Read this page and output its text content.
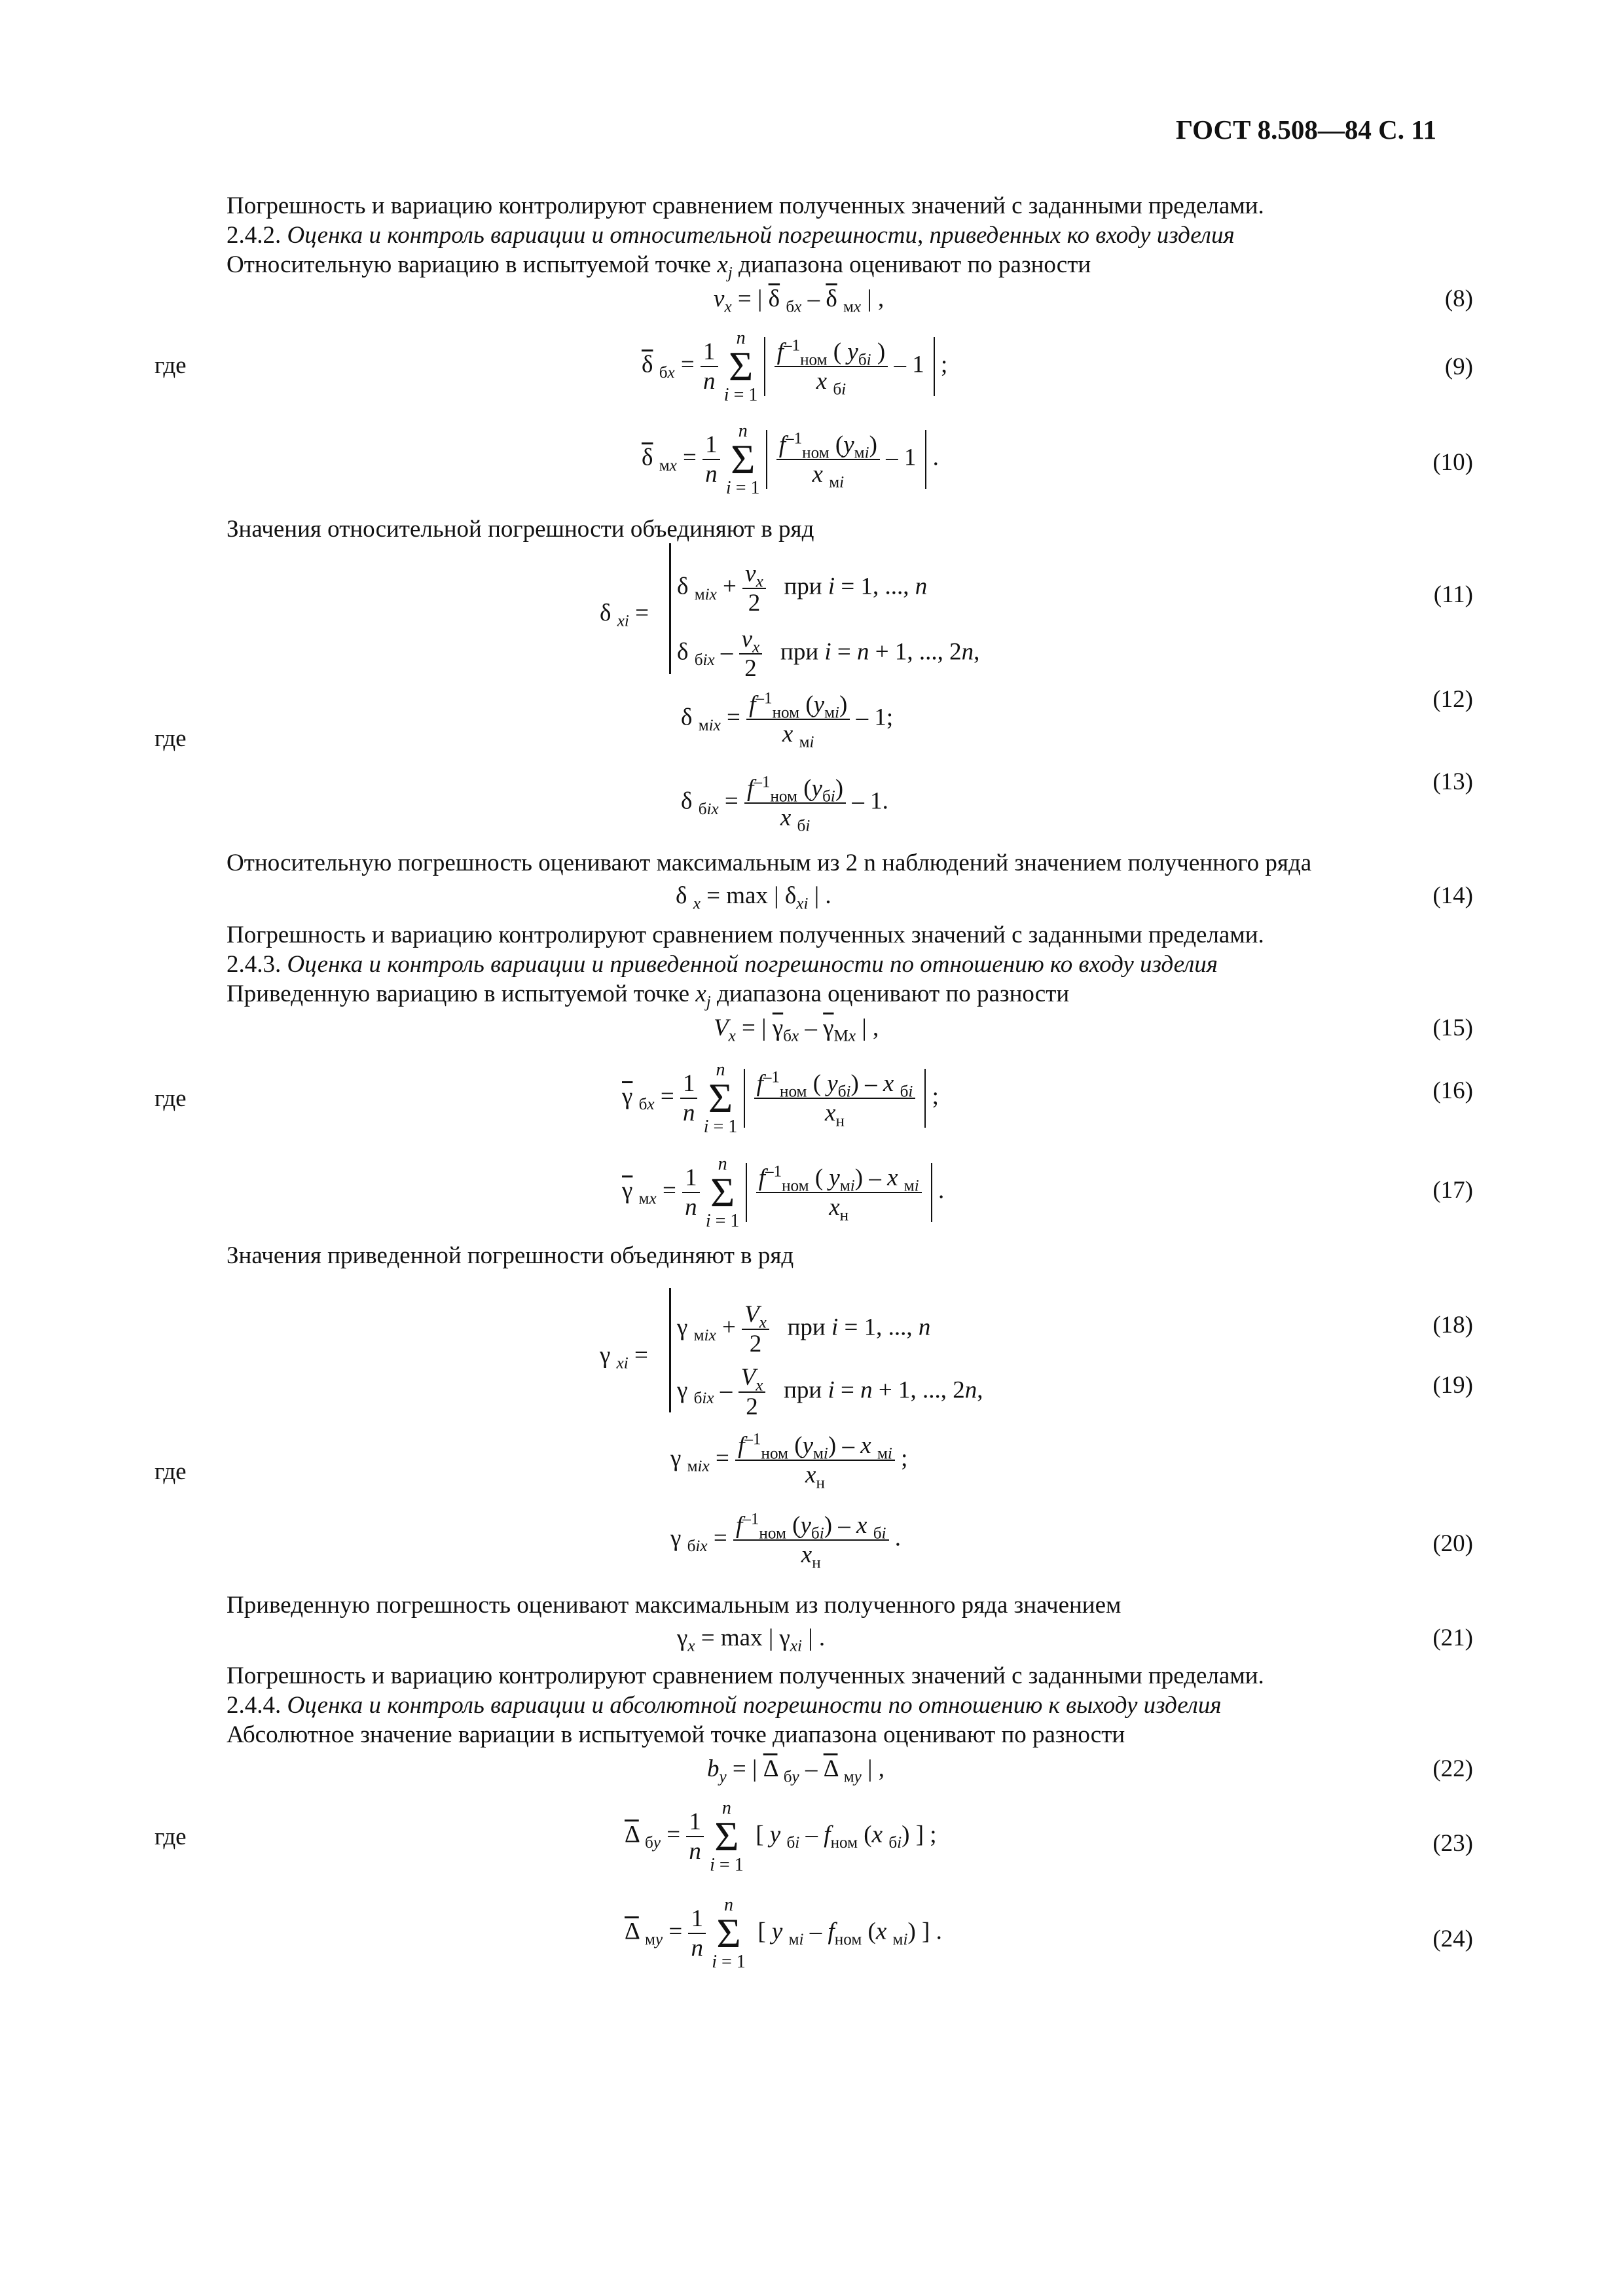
ГОСТ 8.508—84 С. 11
Погрешность и вариацию контролируют сравнением полученных значений с заданными пределами.
2.4.2. Оценка и контроль вариации и относительной погрешности, приведенных ко входу изделия
Относительную вариацию в испытуемой точке $x_j$ диапазона оценивают по разности
$v_x$ = | $\overline{\delta}$ $_{бx} - \overline{\delta}$ $_{мx}$ | ,	(8)
где	$\overline{\delta}$ $_{бx} = \frac{1}{n}$
n
Σ
i = 1
$\frac{f^{-1}_{ном} ( y_{бi} )}{x _{бi}} - 1$ ;	(9)
$\overline{\delta}$ $_{мx} = \frac{1}{n}$
n
Σ
i = 1
$\frac{f^{-1}_{ном} (y_{мi})}{x _{мi}} - 1$ .	(10)
Значения относительной погрешности объединяют в ряд
δ $_{xi}$ =
δ $_{мix} + \frac{v_x}{2}$ при i = 1, ..., n
δ $_{бix} - \frac{v_x}{2}$ при i = n + 1, ..., 2n,
(11)
где
δ $_{мix} = \frac{f^{-1}_{ном} (y_{мi})}{x _{мi}} - 1$;
(12)
δ $_{бix} = \frac{f^{-1}_{ном} (y_{бi})}{x _{бi}} - 1$.
(13)
Относительную погрешность оценивают максимальным из 2 n наблюдений значением полученного ряда
δ $_x$ = max | $\delta_{xi}$ | .	(14)
Погрешность и вариацию контролируют сравнением полученных значений с заданными пределами.
2.4.3. Оценка и контроль вариации и приведенной погрешности по отношению ко входу изделия
Приведенную вариацию в испытуемой точке $x_j$ диапазона оценивают по разности
$V_x$ = | $\overline{\gamma}_{бx} - \overline{\gamma}_{Мx}$ | ,	(15)
где	$\overline{\gamma}$ $_{бx} = \frac{1}{n}$
n
Σ
i = 1
$\frac{f^{-1}_{ном} ( y_{бi}) - x _{бi}}{x_н}$ ;	(16)
$\overline{\gamma}$ $_{мx} = \frac{1}{n}$
n
Σ
i = 1
$\frac{f^{-1}_{ном} ( y_{мi}) - x _{мi}}{x_н}$ .	(17)
Значения приведенной погрешности объединяют в ряд
γ $_{xi}$ =
γ $_{мix} + \frac{V_x}{2}$ при i = 1, ..., n	(18)
γ $_{бix} - \frac{V_x}{2}$ при i = n + 1, ..., 2n,	(19)
где
γ $_{мix} = \frac{f^{-1}_{ном} (y_{мi}) - x _{мi}}{x_н}$ ;
γ $_{бix} = \frac{f^{-1}_{ном} (y_{бi}) - x _{бi}}{x_н}$ .	(20)
Приведенную погрешность оценивают максимальным из полученного ряда значением
$\gamma_x = \max$ | $\gamma_{xi}$ | .	(21)
Погрешность и вариацию контролируют сравнением полученных значений с заданными пределами.
2.4.4. Оценка и контроль вариации и абсолютной погрешности по отношению к выходу изделия
Абсолютное значение вариации в испытуемой точке диапазона оценивают по разности
$b_y$ = | $\overline{\Delta}$ $_{бy} - \overline{\Delta}$ $_{мy}$ | ,	(22)
где	$\overline{\Delta}$ $_{бy} = \frac{1}{n}$
n
Σ
i = 1  [ y $_{бi} - f_{ном}$ (x $_{бi}$) ] ;	(23)
$\overline{\Delta}$ $_{мy} = \frac{1}{n}$
n
Σ
i = 1  [ y $_{мi} - f_{ном}$ (x $_{мi}$) ] .	(24)
